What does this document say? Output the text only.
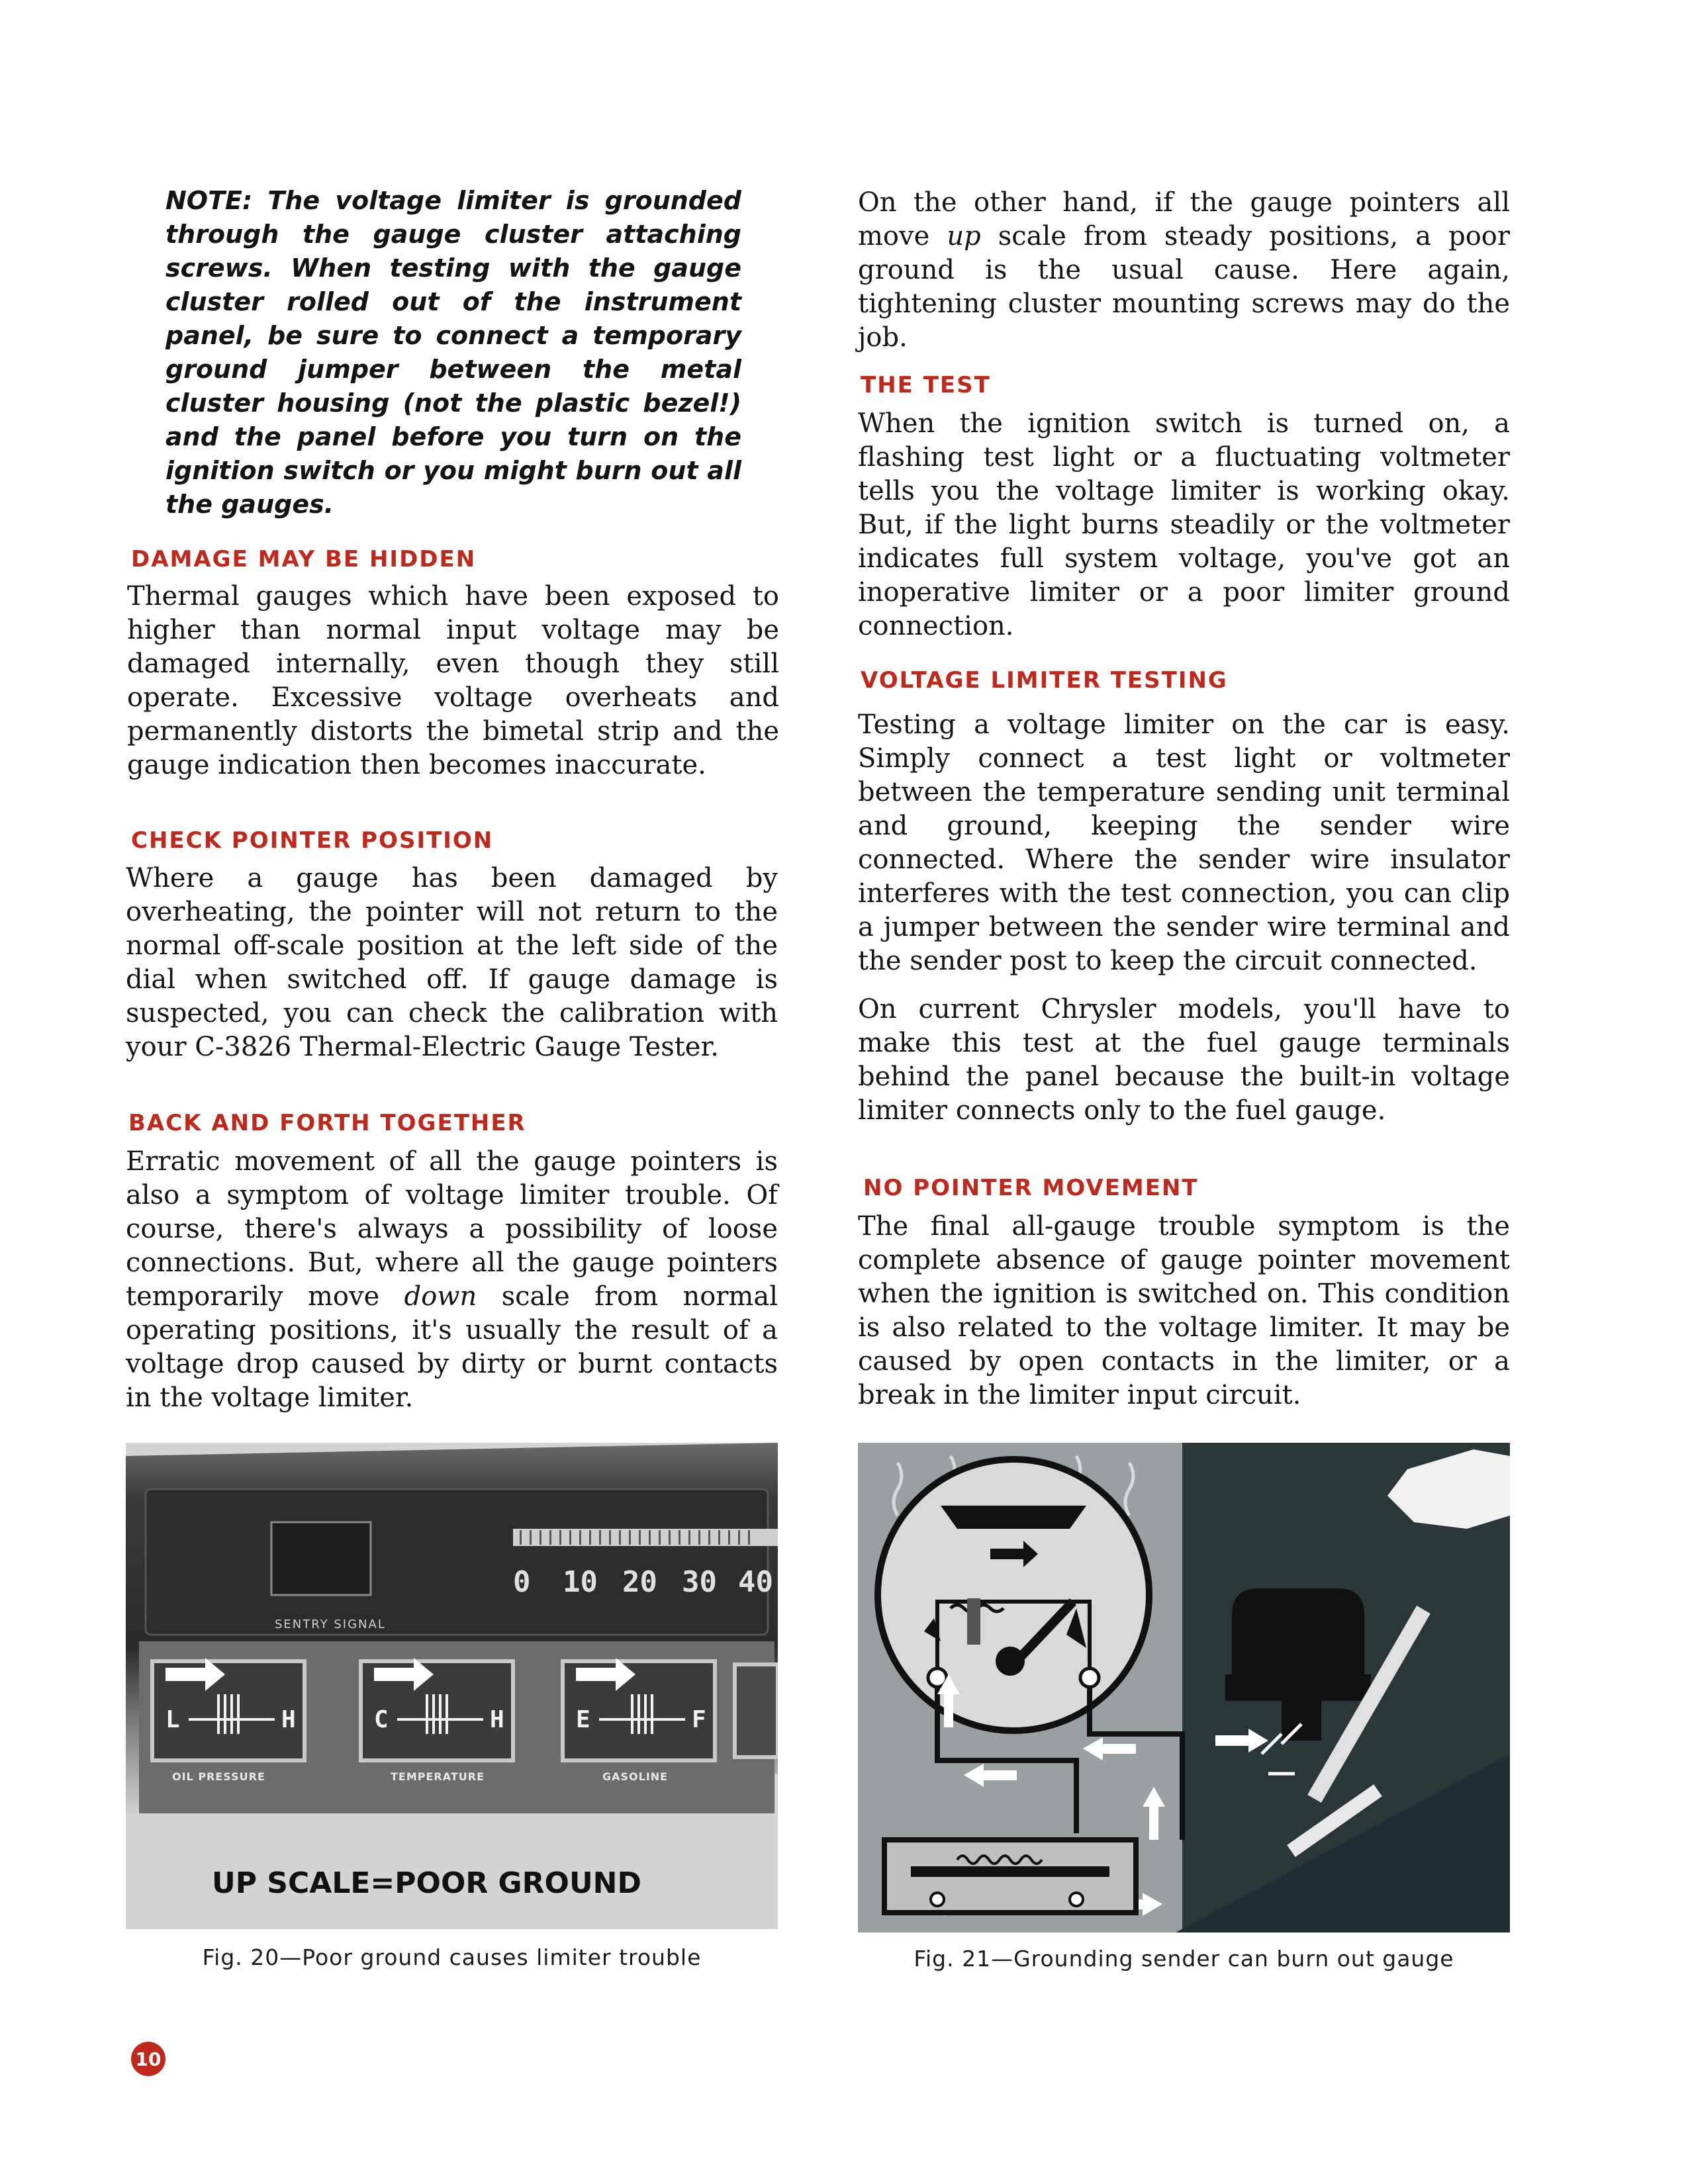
NOTE: The voltage limiter is grounded through the gauge cluster attaching screws. When testing with the gauge cluster rolled out of the instrument panel, be sure to connect a temporary ground jumper between the metal cluster housing (not the plastic bezel!) and the panel before you turn on the ignition switch or you might burn out all the gauges.
DAMAGE MAY BE HIDDEN
Thermal gauges which have been exposed to higher than normal input voltage may be damaged internally, even though they still operate. Excessive voltage overheats and permanently distorts the bimetal strip and the gauge indication then becomes inaccurate.
CHECK POINTER POSITION
Where a gauge has been damaged by overheating, the pointer will not return to the normal off-scale position at the left side of the dial when switched off. If gauge damage is suspected, you can check the calibration with your C-3826 Thermal-Electric Gauge Tester.
BACK AND FORTH TOGETHER
Erratic movement of all the gauge pointers is also a symptom of voltage limiter trouble. Of course, there's always a possibility of loose connections. But, where all the gauge pointers temporarily move down scale from normal operating positions, it's usually the result of a voltage drop caused by dirty or burnt contacts in the voltage limiter.
On the other hand, if the gauge pointers all move up scale from steady positions, a poor ground is the usual cause. Here again, tightening cluster mounting screws may do the job.
THE TEST
When the ignition switch is turned on, a flashing test light or a fluctuating voltmeter tells you the voltage limiter is working okay. But, if the light burns steadily or the voltmeter indicates full system voltage, you've got an inoperative limiter or a poor limiter ground connection.
VOLTAGE LIMITER TESTING
Testing a voltage limiter on the car is easy. Simply connect a test light or voltmeter between the temperature sending unit terminal and ground, keeping the sender wire connected. Where the sender wire insulator interferes with the test connection, you can clip a jumper between the sender wire terminal and the sender post to keep the circuit connected.
On current Chrysler models, you'll have to make this test at the fuel gauge terminals behind the panel because the built-in voltage limiter connects only to the fuel gauge.
NO POINTER MOVEMENT
The final all-gauge trouble symptom is the complete absence of gauge pointer movement when the ignition is switched on. This condition is also related to the voltage limiter. It may be caused by open contacts in the limiter, or a break in the limiter input circuit.
0 10 20 30 40
SENTRY SIGNAL
L	H	C	H	E	F
OIL PRESSURE	TEMPERATURE	GASOLINE
UP SCALE=POOR GROUND
Fig. 20—Poor ground causes limiter trouble	Fig. 21—Grounding sender can burn out gauge
10
